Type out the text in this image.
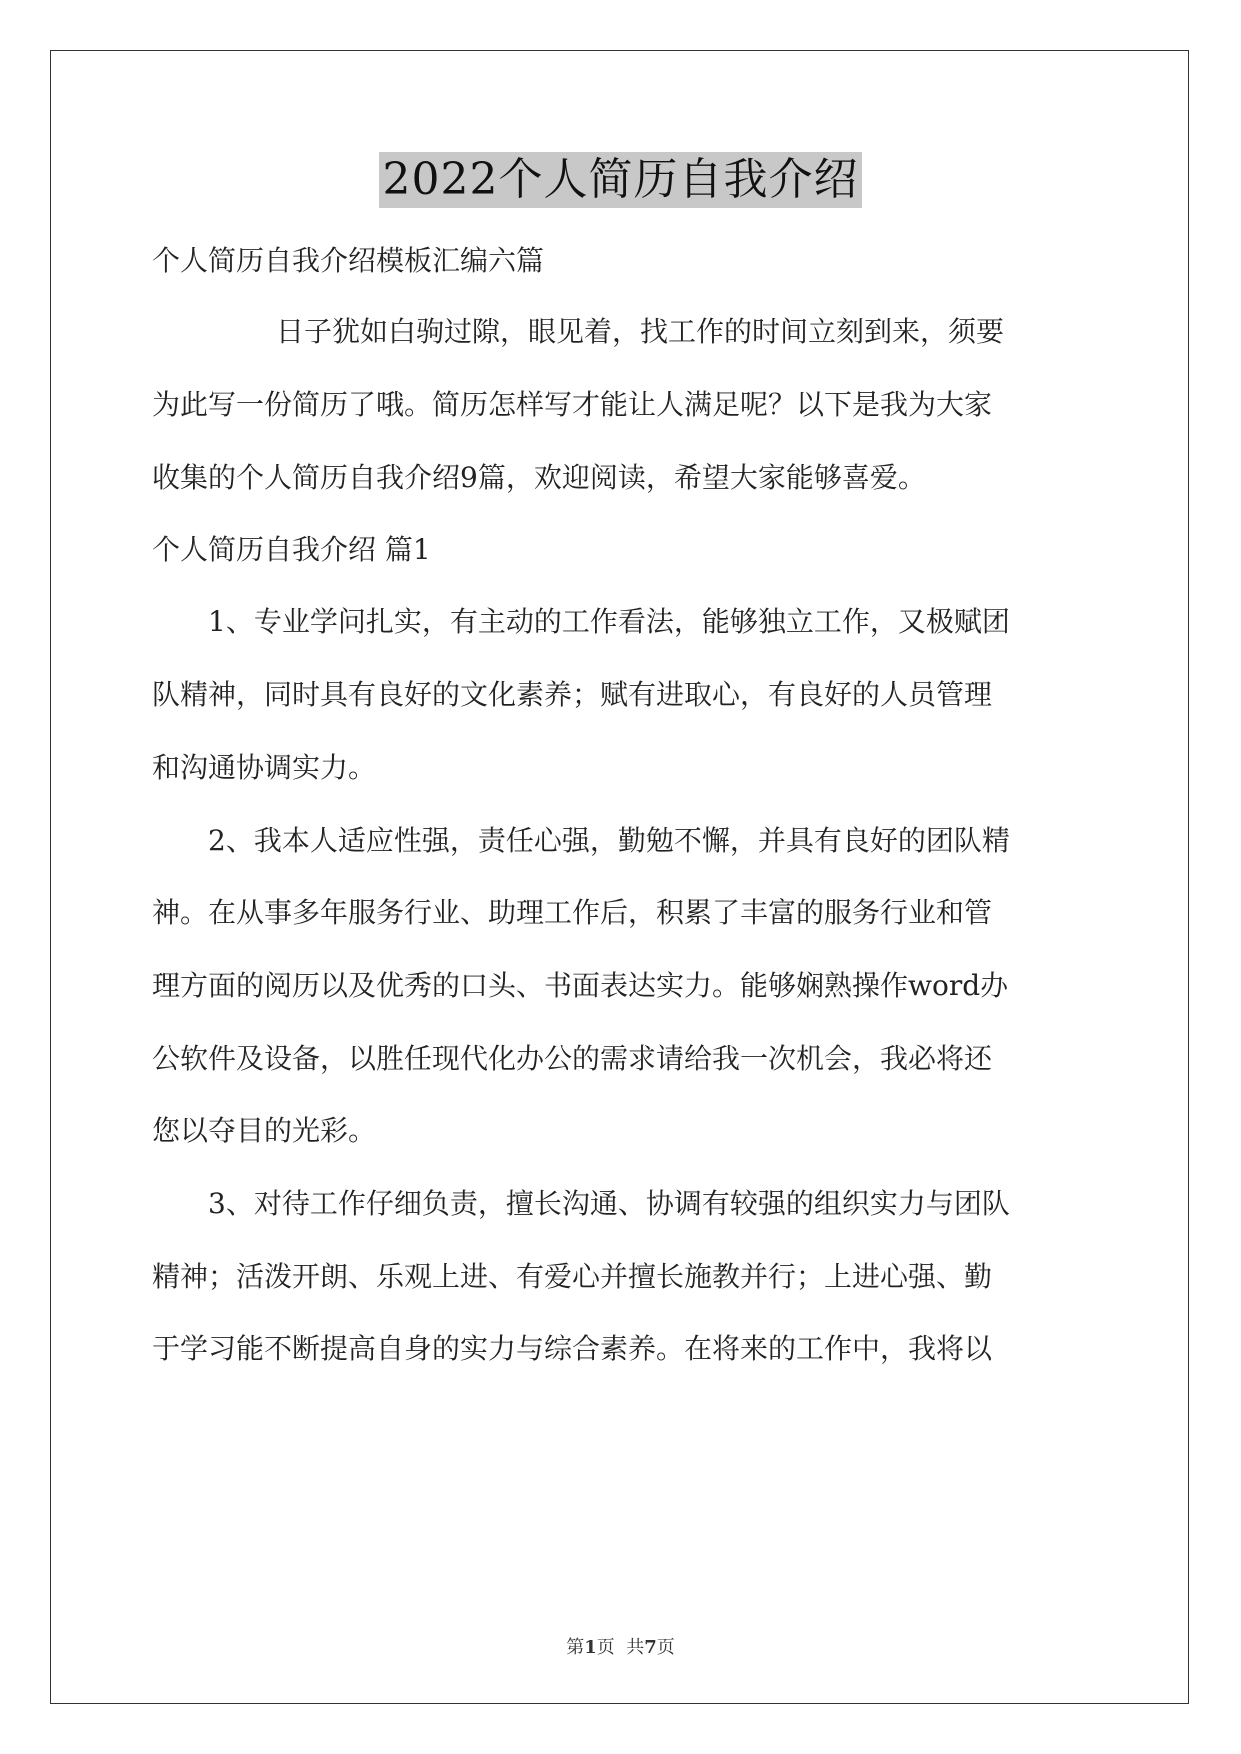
2022个人简历自我介绍
个人简历自我介绍模板汇编六篇
日子犹如白驹过隙，眼见着，找工作的时间立刻到来，须要
为此写一份简历了哦。简历怎样写才能让人满足呢？以下是我为大家
收集的个人简历自我介绍9篇，欢迎阅读，希望大家能够喜爱。
个人简历自我介绍 篇1
1、专业学问扎实，有主动的工作看法，能够独立工作，又极赋团
队精神，同时具有良好的文化素养；赋有进取心，有良好的人员管理
和沟通协调实力。
2、我本人适应性强，责任心强，勤勉不懈，并具有良好的团队精
神。在从事多年服务行业、助理工作后，积累了丰富的服务行业和管
理方面的阅历以及优秀的口头、书面表达实力。能够娴熟操作word办
公软件及设备，以胜任现代化办公的需求请给我一次机会，我必将还
您以夺目的光彩。
3、对待工作仔细负责，擅长沟通、协调有较强的组织实力与团队
精神；活泼开朗、乐观上进、有爱心并擅长施教并行；上进心强、勤
于学习能不断提高自身的实力与综合素养。在将来的工作中，我将以
第1页  共7页
